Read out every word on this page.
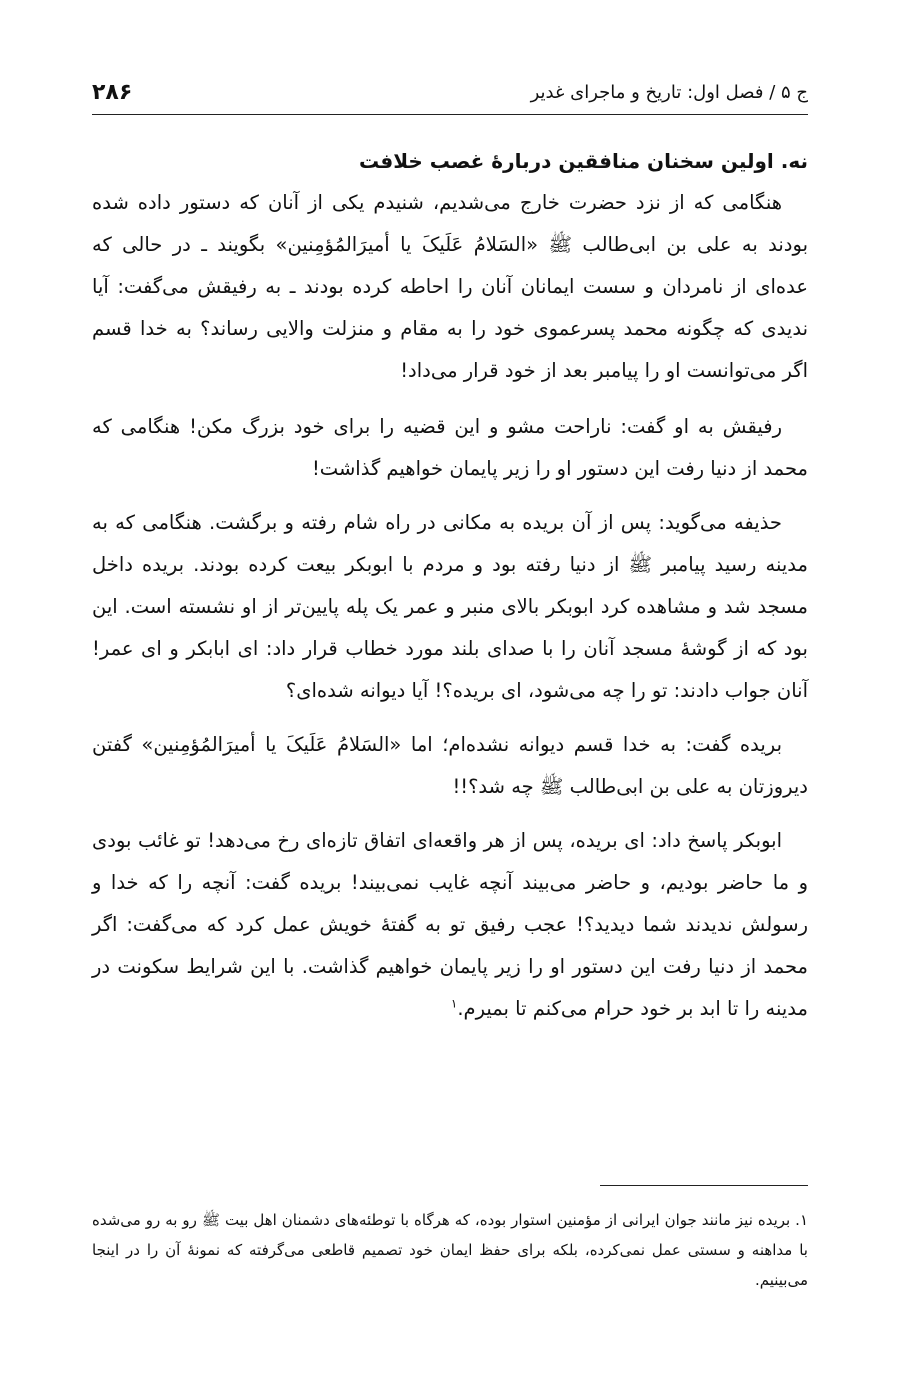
ج ۵ / فصل اول: تاریخ و ماجرای غدیر
۲۸۶
نه. اولین سخنان منافقین دربارهٔ غصب خلافت

هنگامی که از نزد حضرت خارج می‌شدیم، شنیدم یکی از آنان که دستور داده شده بودند به علی بن ابی‌طالب ﷺ «السَلامُ عَلَیکَ یا أمیرَالمُؤمِنین» بگویند ـ در حالی که عده‌ای از نامردان و سست ایمانان آنان را احاطه کرده بودند ـ به رفیقش می‌گفت: آیا ندیدی که چگونه محمد پسرعموی خود را به مقام و منزلت والایی رساند؟ به خدا قسم اگر می‌توانست او را پیامبر بعد از خود قرار می‌داد!

رفیقش به او گفت: ناراحت مشو و این قضیه را برای خود بزرگ مکن! هنگامی که محمد از دنیا رفت این دستور او را زیر پایمان خواهیم گذاشت!

حذیفه می‌گوید: پس از آن بریده به مکانی در راه شام رفته و برگشت. هنگامی که به مدینه رسید پیامبر ﷺ از دنیا رفته بود و مردم با ابوبکر بیعت کرده بودند. بریده داخل مسجد شد و مشاهده کرد ابوبکر بالای منبر و عمر یک پله پایین‌تر از او نشسته است. این بود که از گوشهٔ مسجد آنان را با صدای بلند مورد خطاب قرار داد: ای ابابکر و ای عمر! آنان جواب دادند: تو را چه می‌شود، ای بریده؟! آیا دیوانه شده‌ای؟

بریده گفت: به خدا قسم دیوانه نشده‌ام؛ اما «السَلامُ عَلَیکَ یا أمیرَالمُؤمِنین» گفتن دیروزتان به علی بن ابی‌طالب ﷺ چه شد؟!!

ابوبکر پاسخ داد: ای بریده، پس از هر واقعه‌ای اتفاق تازه‌ای رخ می‌دهد! تو غائب بودی و ما حاضر بودیم، و حاضر می‌بیند آنچه غایب نمی‌بیند! بریده گفت: آنچه را که خدا و رسولش ندیدند شما دیدید؟! عجب رفیق تو به گفتهٔ خویش عمل کرد که می‌گفت: اگر محمد از دنیا رفت این دستور او را زیر پایمان خواهیم گذاشت. با این شرایط سکونت در مدینه را تا ابد بر خود حرام می‌کنم تا بمیرم.$^۱$

۱. بریده نیز مانند جوان ایرانی از مؤمنین استوار بوده، که هرگاه با توطئه‌های دشمنان اهل بیت ﷺ رو به رو می‌شده با مداهنه و سستی عمل نمی‌کرده، بلکه برای حفظ ایمان خود تصمیم قاطعی می‌گرفته که نمونهٔ آن را در اینجا می‌بینیم.
